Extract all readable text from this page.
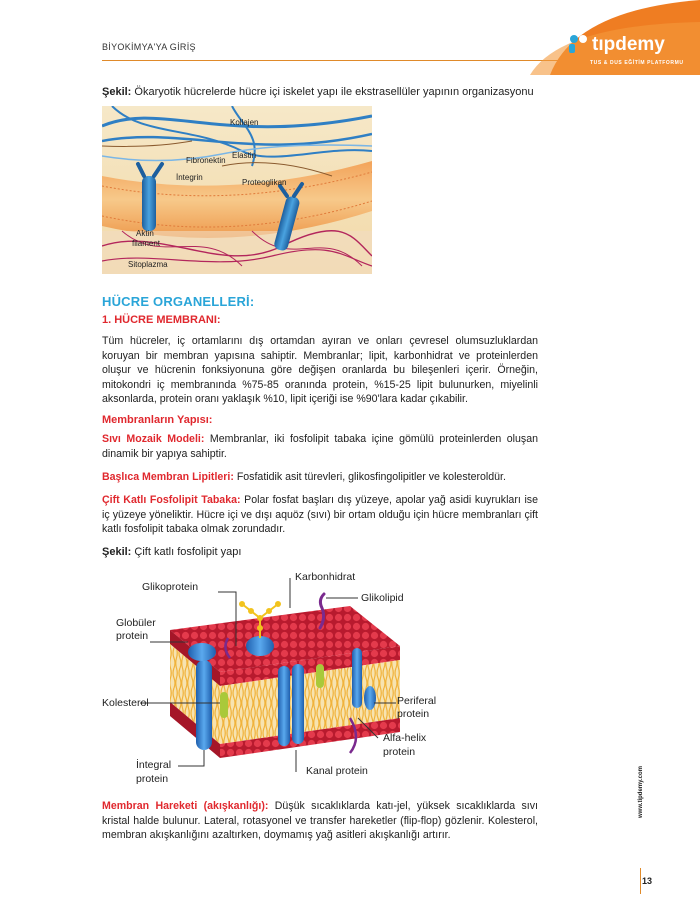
BİYOKİMYA'YA GİRİŞ	tıpdemy
TUS & DUS EĞİTİM PLATFORMU
Şekil: Ökaryotik hücrelerde hücre içi iskelet yapı ile ekstrasellüler yapının organizasyonu
Kollajen
Fibronektin
Elastin
İntegrin
Proteoglikan
Aktin
filament
Sitoplazma
HÜCRE ORGANELLERİ:
1. HÜCRE MEMBRANI:
Tüm hücreler, iç ortamlarını dış ortamdan ayıran ve onları çevresel olumsuzluklardan koruyan bir membran yapısına sahiptir. Membranlar; lipit, karbonhidrat ve proteinlerden oluşur ve hücrenin fonksiyonuna göre değişen oranlarda bu bileşenleri içerir. Örneğin, mitokondri iç membranında %75-85 oranında protein, %15-25 lipit bulunurken, miyelinli aksonlarda, protein oranı yaklaşık %10, lipit içeriği ise %90'lara kadar çıkabilir.
Membranların Yapısı:
Sıvı Mozaik Modeli: Membranlar, iki fosfolipit tabaka içine gömülü proteinlerden oluşan dinamik bir yapıya sahiptir.
Başlıca Membran Lipitleri: Fosfatidik asit türevleri, glikosfingolipitler ve kolesteroldür.
Çift Katlı Fosfolipit Tabaka: Polar fosfat başları dış yüzeye, apolar yağ asidi kuyrukları ise iç yüzeye yöneliktir. Hücre içi ve dışı aquöz (sıvı) bir ortam olduğu için hücre membranları çift katlı fosfolipit tabaka olmak zorundadır.
Şekil: Çift katlı fosfolipit yapı
Karbonhidrat
Glikoprotein
Glikolipid
Globüler
protein
Kolesterol	Periferal
protein
Alfa-helix
protein
İntegral
protein
Kanal protein
Membran Hareketi (akışkanlığı): Düşük sıcaklıklarda katı-jel, yüksek sıcaklıklarda sıvı kristal halde bulunur. Lateral, rotasyonel ve transfer hareketler (flip-flop) gözlenir. Kolesterol, membran akışkanlığını azaltırken, doymamış yağ asitleri akışkanlığı artırır.
www.tipdemy.com
13
